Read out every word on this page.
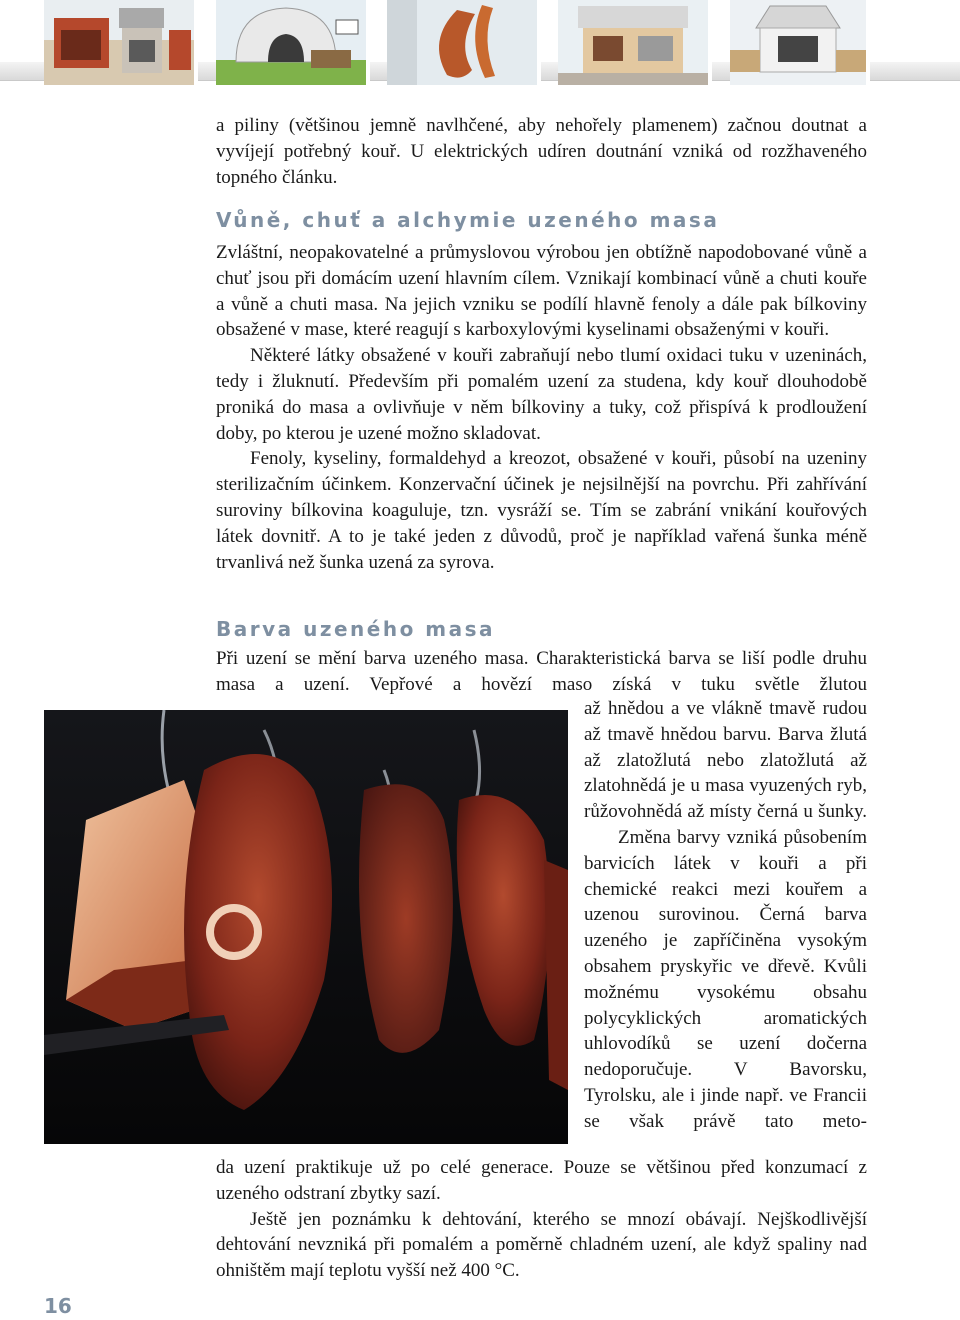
a piliny (většinou jemně navlhčené, aby nehořely plamenem) začnou doutnat a vyvíjejí potřebný kouř. U elektrických udíren doutnání vzniká od rozžhaveného topného článku.

Vůně, chuť a alchymie uzeného masa

Zvláštní, neopakovatelné a průmyslovou výrobou jen obtížně napodobované vůně a chuť jsou při domácím uzení hlavním cílem. Vznikají kombinací vůně a chuti kouře a vůně a chuti masa. Na jejich vzniku se podílí hlavně fenoly a dále pak bílkoviny obsažené v mase, které reagují s karboxylovými kyselinami obsaženými v kouři.

Některé látky obsažené v kouři zabraňují nebo tlumí oxidaci tuku v uzeninách, tedy i žluknutí. Především při pomalém uzení za studena, kdy kouř dlouhodobě proniká do masa a ovlivňuje v něm bílkoviny a tuky, což přispívá k prodloužení doby, po kterou je uzené možno skladovat.

Fenoly, kyseliny, formaldehyd a kreozot, obsažené v kouři, působí na uzeniny sterilizačním účinkem. Konzervační účinek je nejsilnější na povrchu. Při zahřívání suroviny bílkovina koaguluje, tzn. vysráží se. Tím se zabrání vnikání kouřových látek dovnitř. A to je také jeden z důvodů, proč je například vařená šunka méně trvanlivá než šunka uzená za syrova.

Barva uzeného masa

Při uzení se mění barva uzeného masa. Charakteristická barva se liší podle druhu masa a uzení. Vepřové a hovězí maso získá v tuku světle žlutou

až hnědou a ve vlákně tmavě rudou až tmavě hnědou barvu. Barva žlutá až zlatožlutá nebo zlatožlutá až zlatohnědá je u masa vyuzených ryb, růžovohnědá až místy černá u šunky.

Změna barvy vzniká působením barvicích látek v kouři a při chemické reakci mezi kouřem a uzenou surovinou. Černá barva uzeného je zapříčiněna vysokým obsahem pryskyřic ve dřevě. Kvůli možnému vysokému obsahu polycyklických aromatických uhlovodíků se uzení dočerna nedoporučuje. V Bavorsku, Tyrolsku, ale i jinde např. ve Francii se však právě tato meto-

da uzení praktikuje už po celé generace. Pouze se většinou před konzumací z uzeného odstraní zbytky sazí.

Ještě jen poznámku k dehtování, kterého se mnozí obávají. Nejškodlivější dehtování nevzniká při pomalém a poměrně chladném uzení, ale když spaliny nad ohništěm mají teplotu vyšší než 400 °C.

16
